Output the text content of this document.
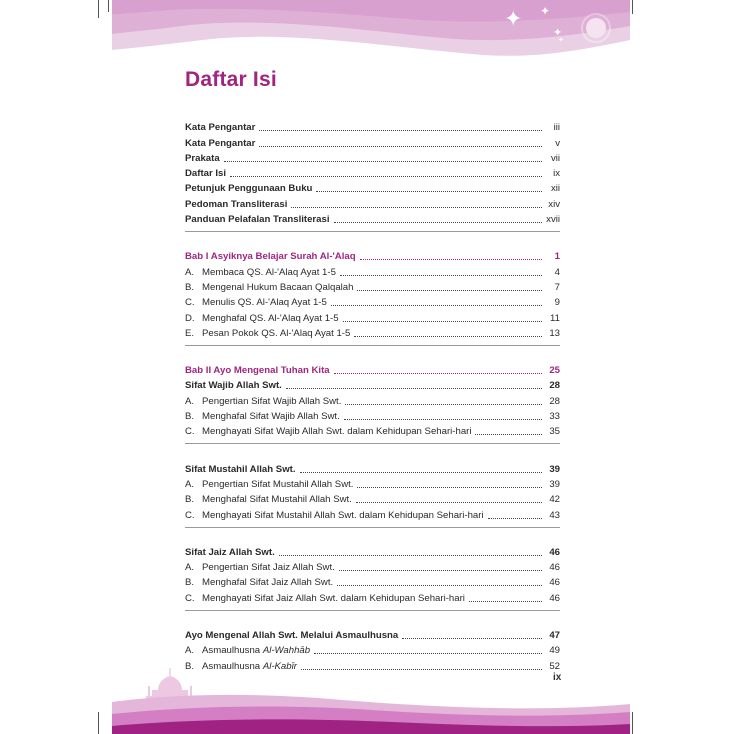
✦ ✦
✦
✦
Daftar Isi
Kata Pengantar	iii
Kata Pengantar	v
Prakata	vii
Daftar Isi	ix
Petunjuk Penggunaan Buku	xii
Pedoman Transliterasi	xiv
Panduan Pelafalan Transliterasi	xvii
Bab I Asyiknya Belajar Surah Al-'Alaq	1
A. Membaca QS. Al-'Alaq Ayat 1-5	4
B. Mengenal Hukum Bacaan Qalqalah	7
C. Menulis QS. Al-'Alaq Ayat 1-5	9
D. Menghafal QS. Al-'Alaq Ayat 1-5	11
E. Pesan Pokok QS. Al-'Alaq Ayat 1-5	13
Bab II Ayo Mengenal Tuhan Kita	25
Sifat Wajib Allah Swt.	28
A. Pengertian Sifat Wajib Allah Swt.	28
B. Menghafal Sifat Wajib Allah Swt.	33
C. Menghayati Sifat Wajib Allah Swt. dalam Kehidupan Sehari-hari	35
Sifat Mustahil Allah Swt.	39
A. Pengertian Sifat Mustahil Allah Swt.	39
B. Menghafal Sifat Mustahil Allah Swt.	42
C. Menghayati Sifat Mustahil Allah Swt. dalam Kehidupan Sehari-hari	43
Sifat Jaiz Allah Swt.	46
A. Pengertian Sifat Jaiz Allah Swt.	46
B. Menghafal Sifat Jaiz Allah Swt.	46
C. Menghayati Sifat Jaiz Allah Swt. dalam Kehidupan Sehari-hari	46
Ayo Mengenal Allah Swt. Melalui Asmaulhusna	47
A. Asmaulhusna Al-Wahhāb	49
B. Asmaulhusna Al-Kabīr	52
ix
